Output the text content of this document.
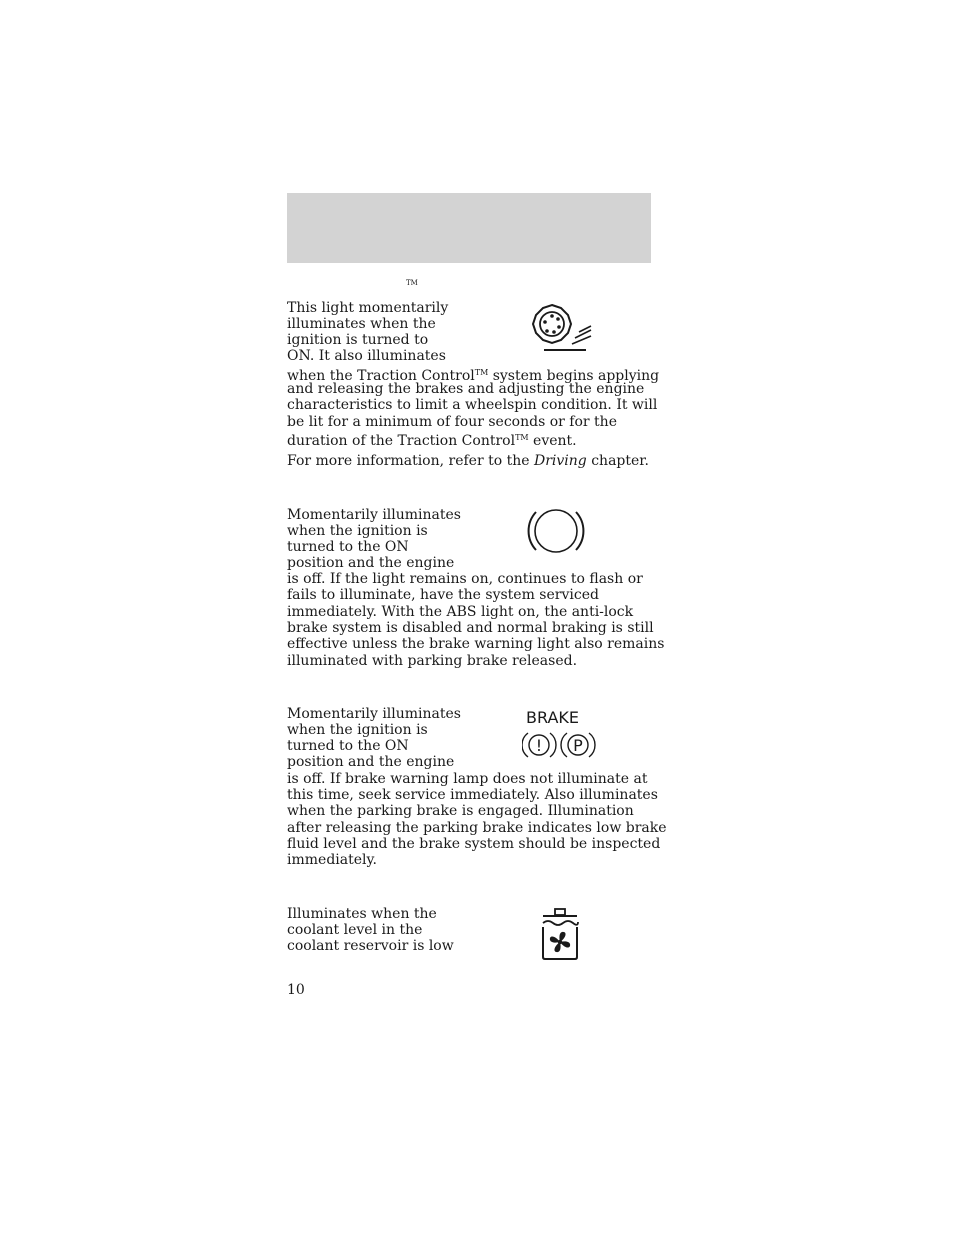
TM
This light momentarily
illuminates when the
ignition is turned to
ON. It also illuminates
when the Traction Control™ system begins applying
and releasing the brakes and adjusting the engine
characteristics to limit a wheelspin condition. It will
be lit for a minimum of four seconds or for the
duration of the Traction Control™ event.
For more information, refer to the Driving chapter.
Momentarily illuminates
when the ignition is
turned to the ON
position and the engine
is off. If the light remains on, continues to flash or
fails to illuminate, have the system serviced
immediately. With the ABS light on, the anti-lock
brake system is disabled and normal braking is still
effective unless the brake warning light also remains
illuminated with parking brake released.
Momentarily illuminates
when the ignition is
turned to the ON
position and the engine
is off. If brake warning lamp does not illuminate at
this time, seek service immediately. Also illuminates
when the parking brake is engaged. Illumination
after releasing the parking brake indicates low brake
fluid level and the brake system should be inspected
immediately.
BRAKE
! P
Illuminates when the
coolant level in the
coolant reservoir is low
10
